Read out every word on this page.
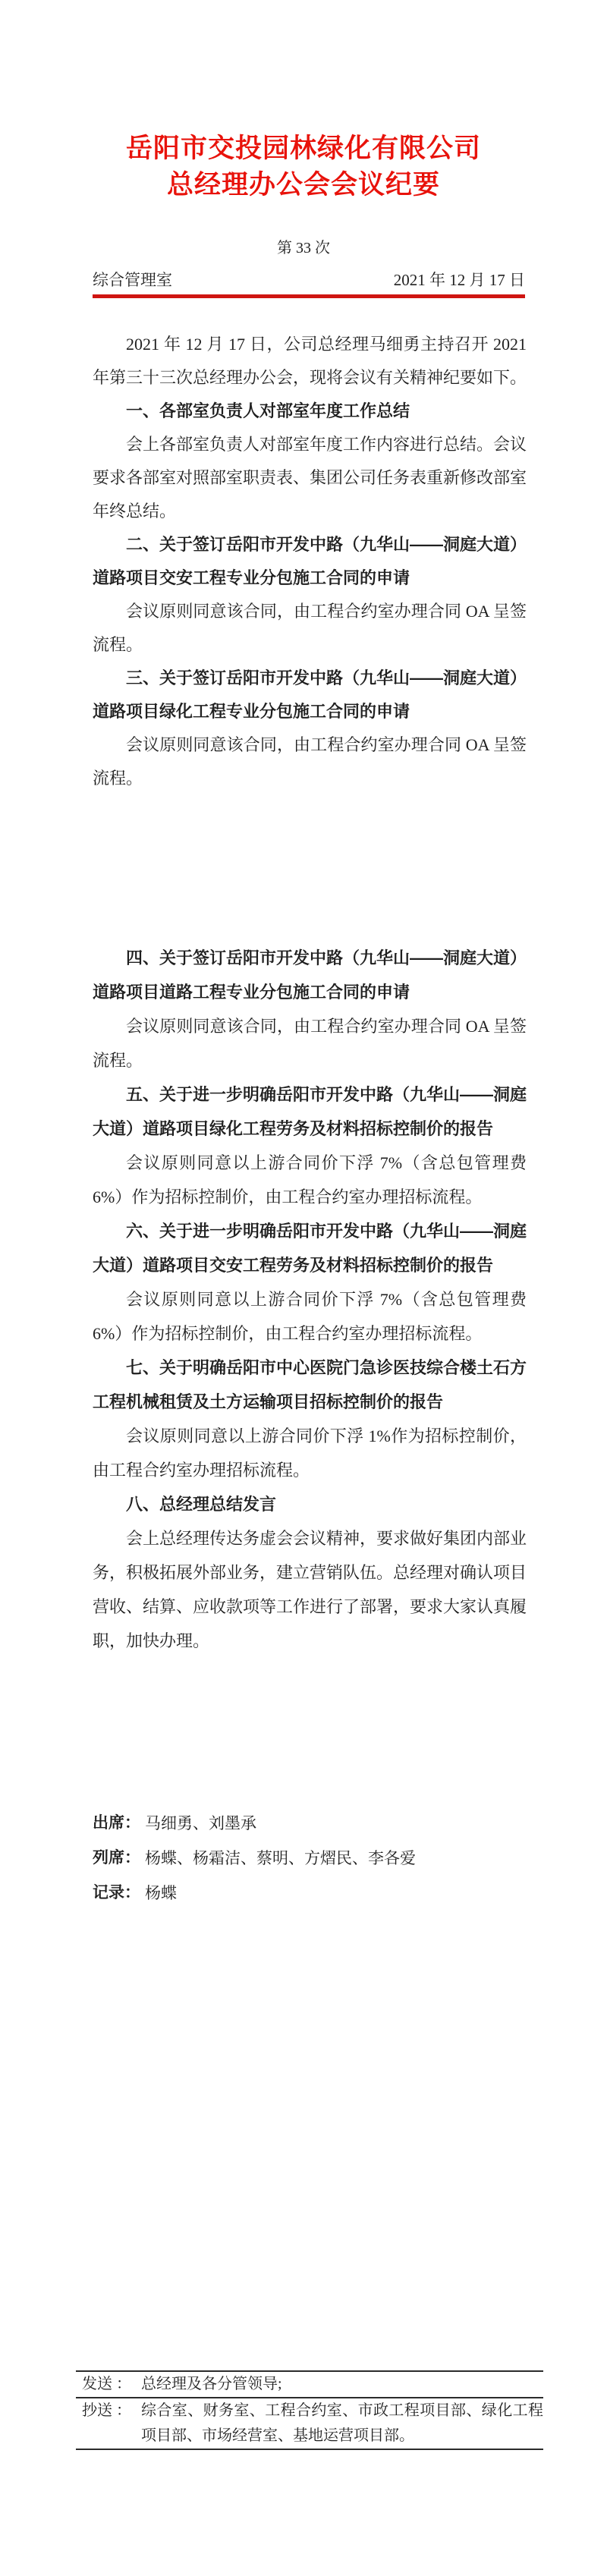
岳阳市交投园林绿化有限公司
总经理办公会会议纪要
第 33 次
综合管理室	2021 年 12 月 17 日

2021 年 12 月 17 日，公司总经理马细勇主持召开 2021 年第三十三次总经理办公会，现将会议有关精神纪要如下。

一、各部室负责人对部室年度工作总结

会上各部室负责人对部室年度工作内容进行总结。会议要求各部室对照部室职责表、集团公司任务表重新修改部室年终总结。

二、关于签订岳阳市开发中路（九华山——洞庭大道）道路项目交安工程专业分包施工合同的申请

会议原则同意该合同，由工程合约室办理合同 OA 呈签流程。

三、关于签订岳阳市开发中路（九华山——洞庭大道）道路项目绿化工程专业分包施工合同的申请

会议原则同意该合同，由工程合约室办理合同 OA 呈签流程。

四、关于签订岳阳市开发中路（九华山——洞庭大道）道路项目道路工程专业分包施工合同的申请

会议原则同意该合同，由工程合约室办理合同 OA 呈签流程。

五、关于进一步明确岳阳市开发中路（九华山——洞庭大道）道路项目绿化工程劳务及材料招标控制价的报告

会议原则同意以上游合同价下浮 7%（含总包管理费 6%）作为招标控制价，由工程合约室办理招标流程。

六、关于进一步明确岳阳市开发中路（九华山——洞庭大道）道路项目交安工程劳务及材料招标控制价的报告

会议原则同意以上游合同价下浮 7%（含总包管理费 6%）作为招标控制价，由工程合约室办理招标流程。

七、关于明确岳阳市中心医院门急诊医技综合楼土石方工程机械租赁及土方运输项目招标控制价的报告

会议原则同意以上游合同价下浮 1%作为招标控制价，由工程合约室办理招标流程。

八、总经理总结发言

会上总经理传达务虚会会议精神，要求做好集团内部业务，积极拓展外部业务，建立营销队伍。总经理对确认项目营收、结算、应收款项等工作进行了部署，要求大家认真履职，加快办理。

出席： 马细勇、刘墨承
列席： 杨蝶、杨霜洁、蔡明、方熠民、李各爱
记录： 杨蝶
发送 ： 总经理及各分管领导;
抄送 ： 综合室、财务室、工程合约室、市政工程项目部、绿化工程项目部、市场经营室、基地运营项目部。
